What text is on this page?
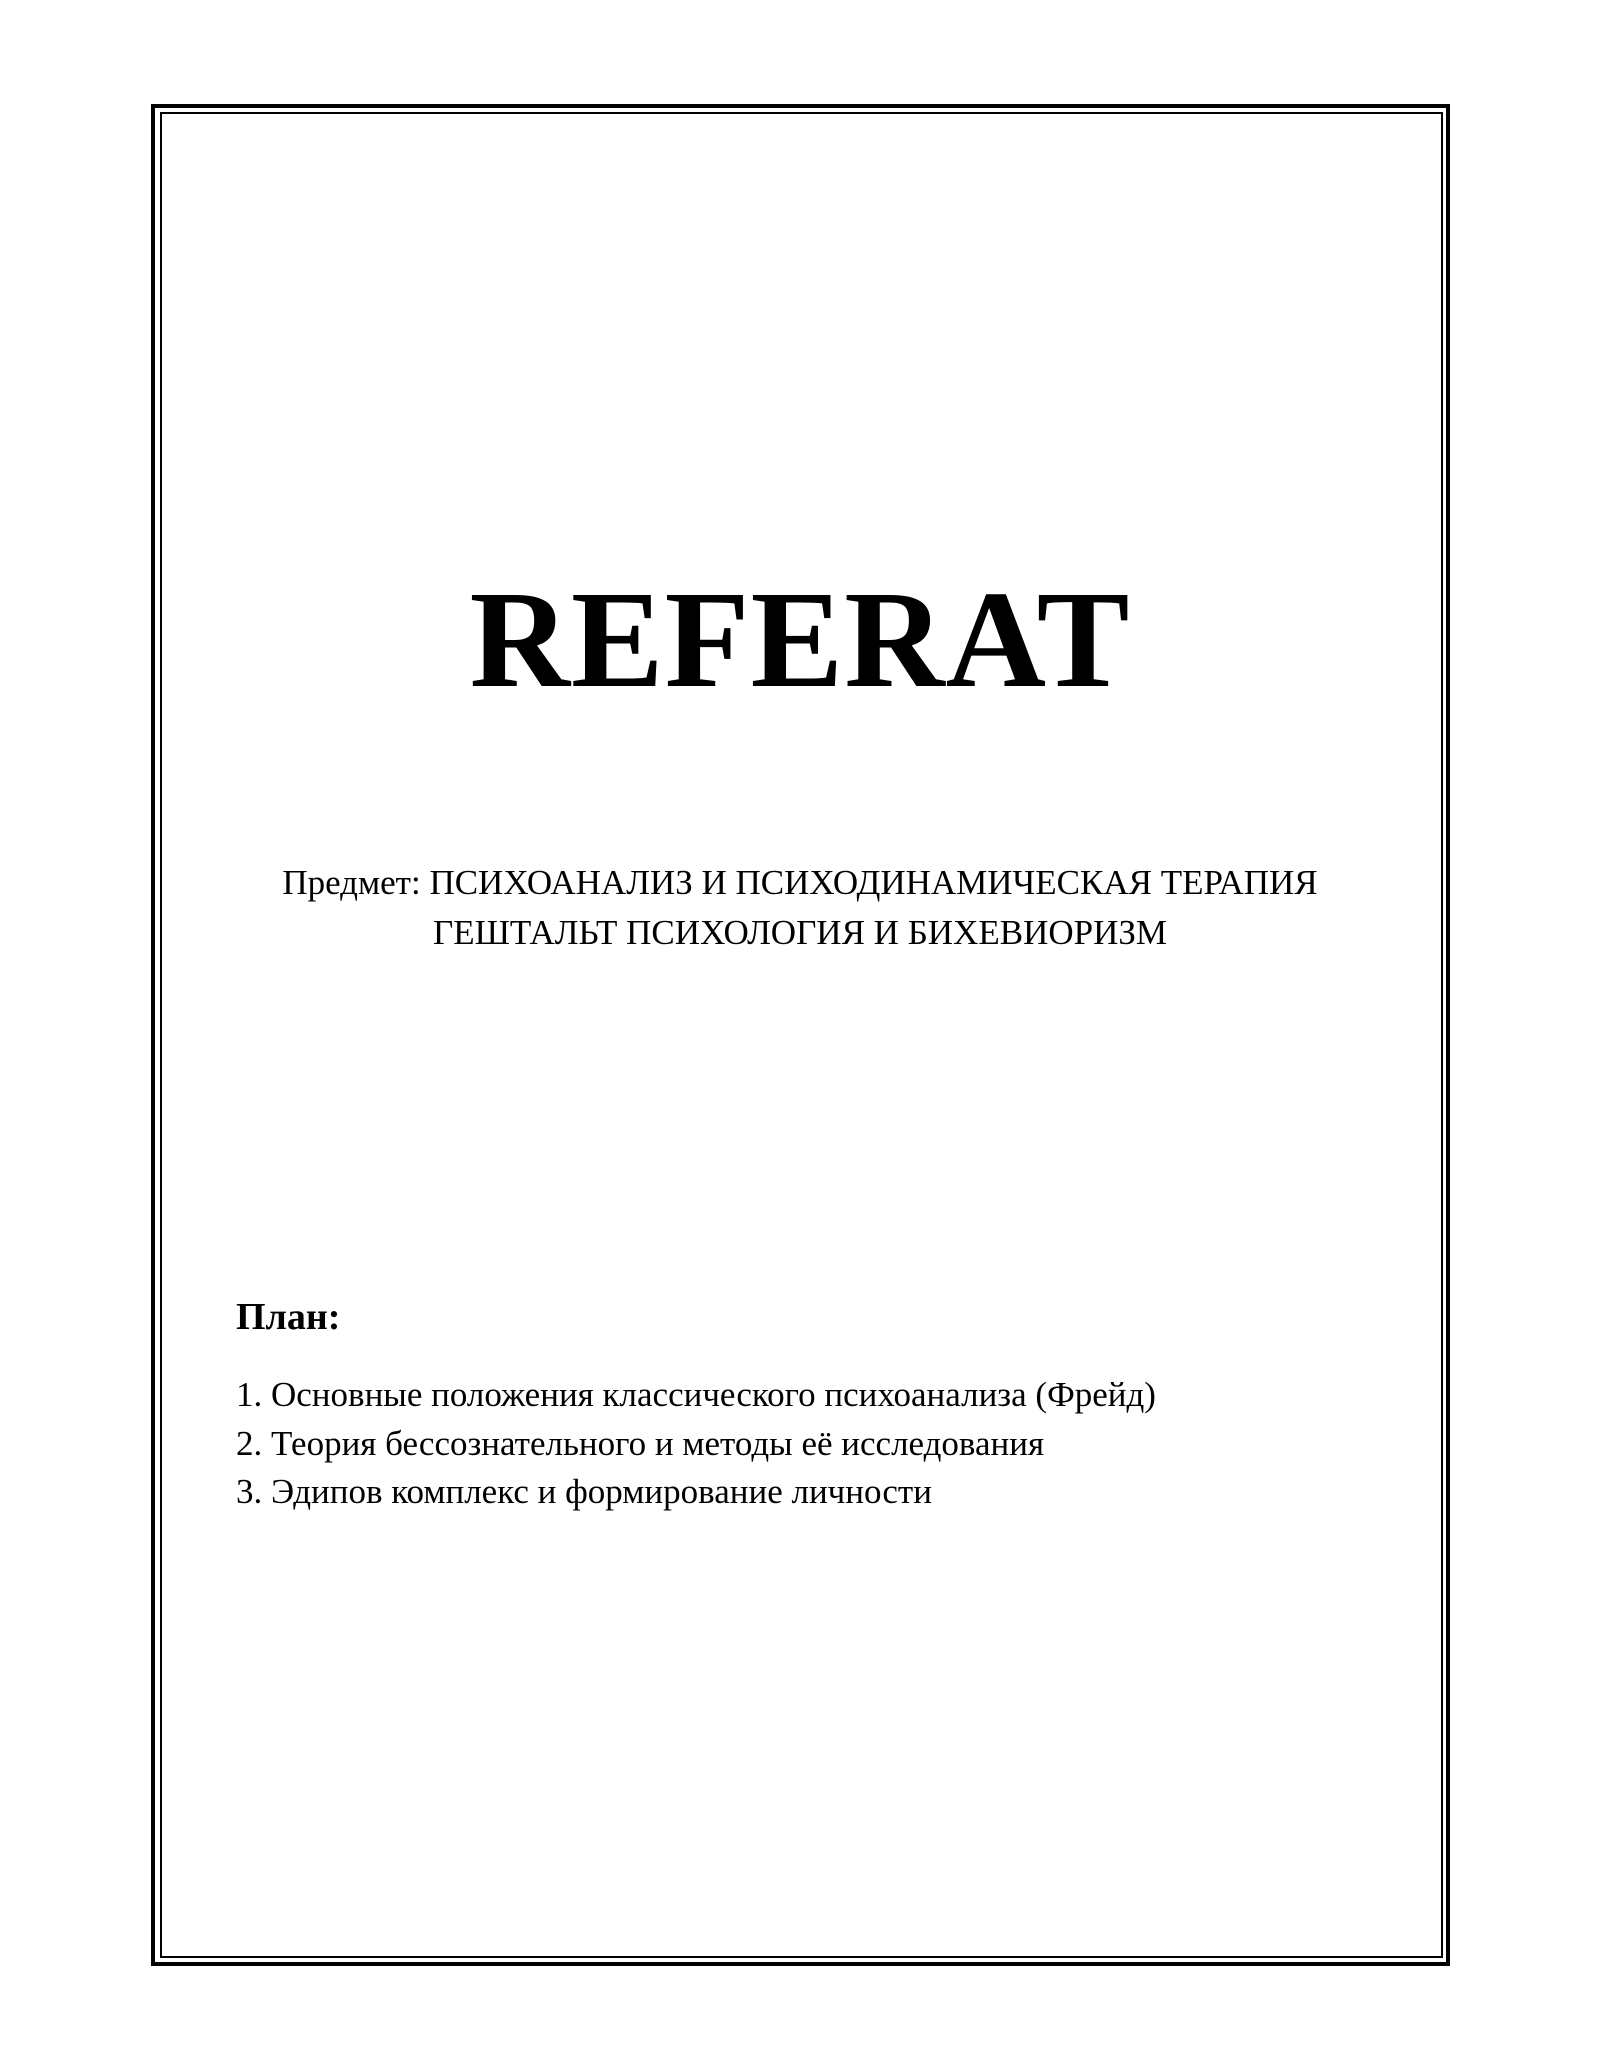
REFERAT
Предмет: ПСИХОАНАЛИЗ И ПСИХОДИНАМИЧЕСКАЯ ТЕРАПИЯ
ГЕШТАЛЬТ ПСИХОЛОГИЯ И БИХЕВИОРИЗМ
План:
1. Основные положения классического психоанализа (Фрейд)
2. Теория бессознательного и методы её исследования
3. Эдипов комплекс и формирование личности
